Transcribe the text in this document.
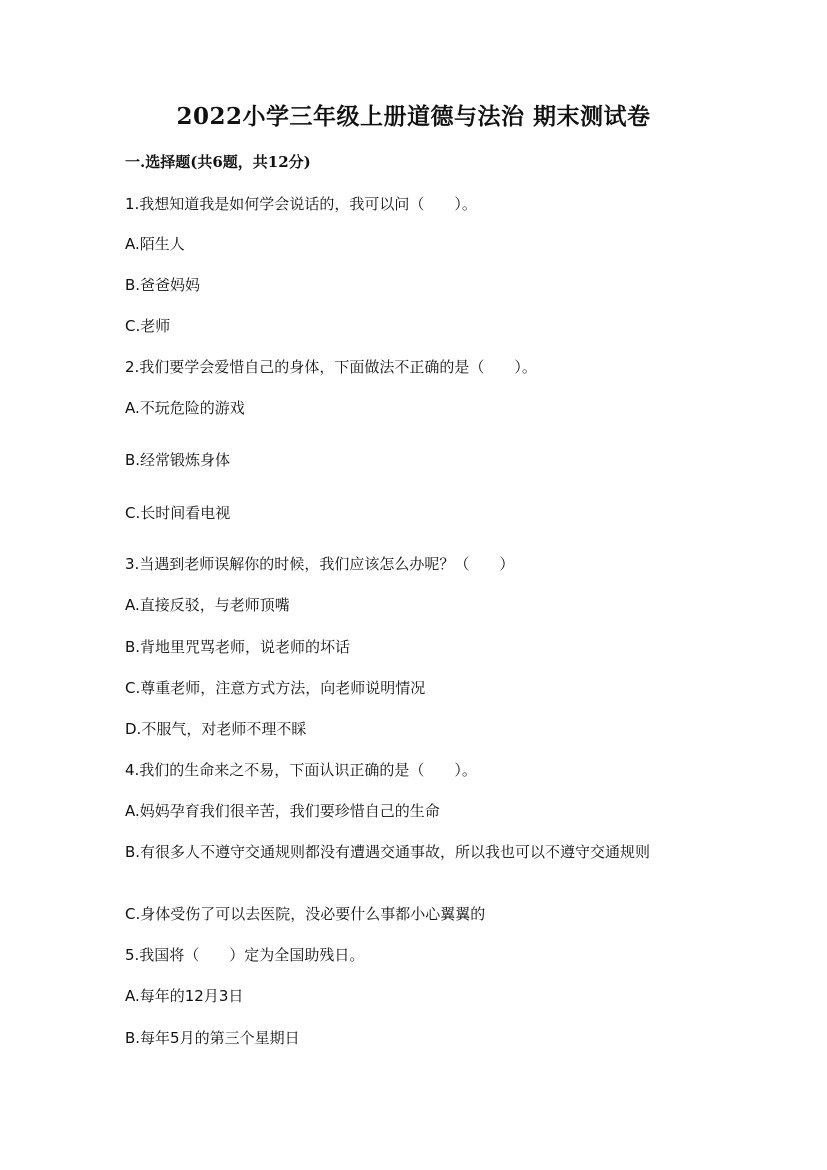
2022小学三年级上册道德与法治 期末测试卷
一.选择题(共6题，共12分)
1.我想知道我是如何学会说话的，我可以问（　　）。
A.陌生人
B.爸爸妈妈
C.老师
2.我们要学会爱惜自己的身体，下面做法不正确的是（　　）。
A.不玩危险的游戏
B.经常锻炼身体
C.长时间看电视
3.当遇到老师误解你的时候，我们应该怎么办呢？（　　）
A.直接反驳，与老师顶嘴
B.背地里咒骂老师，说老师的坏话
C.尊重老师，注意方式方法，向老师说明情况
D.不服气，对老师不理不睬
4.我们的生命来之不易，下面认识正确的是（　　）。
A.妈妈孕育我们很辛苦，我们要珍惜自己的生命
B.有很多人不遵守交通规则都没有遭遇交通事故，所以我也可以不遵守交通规则
C.身体受伤了可以去医院，没必要什么事都小心翼翼的
5.我国将（　　）定为全国助残日。
A.每年的12月3日
B.每年5月的第三个星期日
